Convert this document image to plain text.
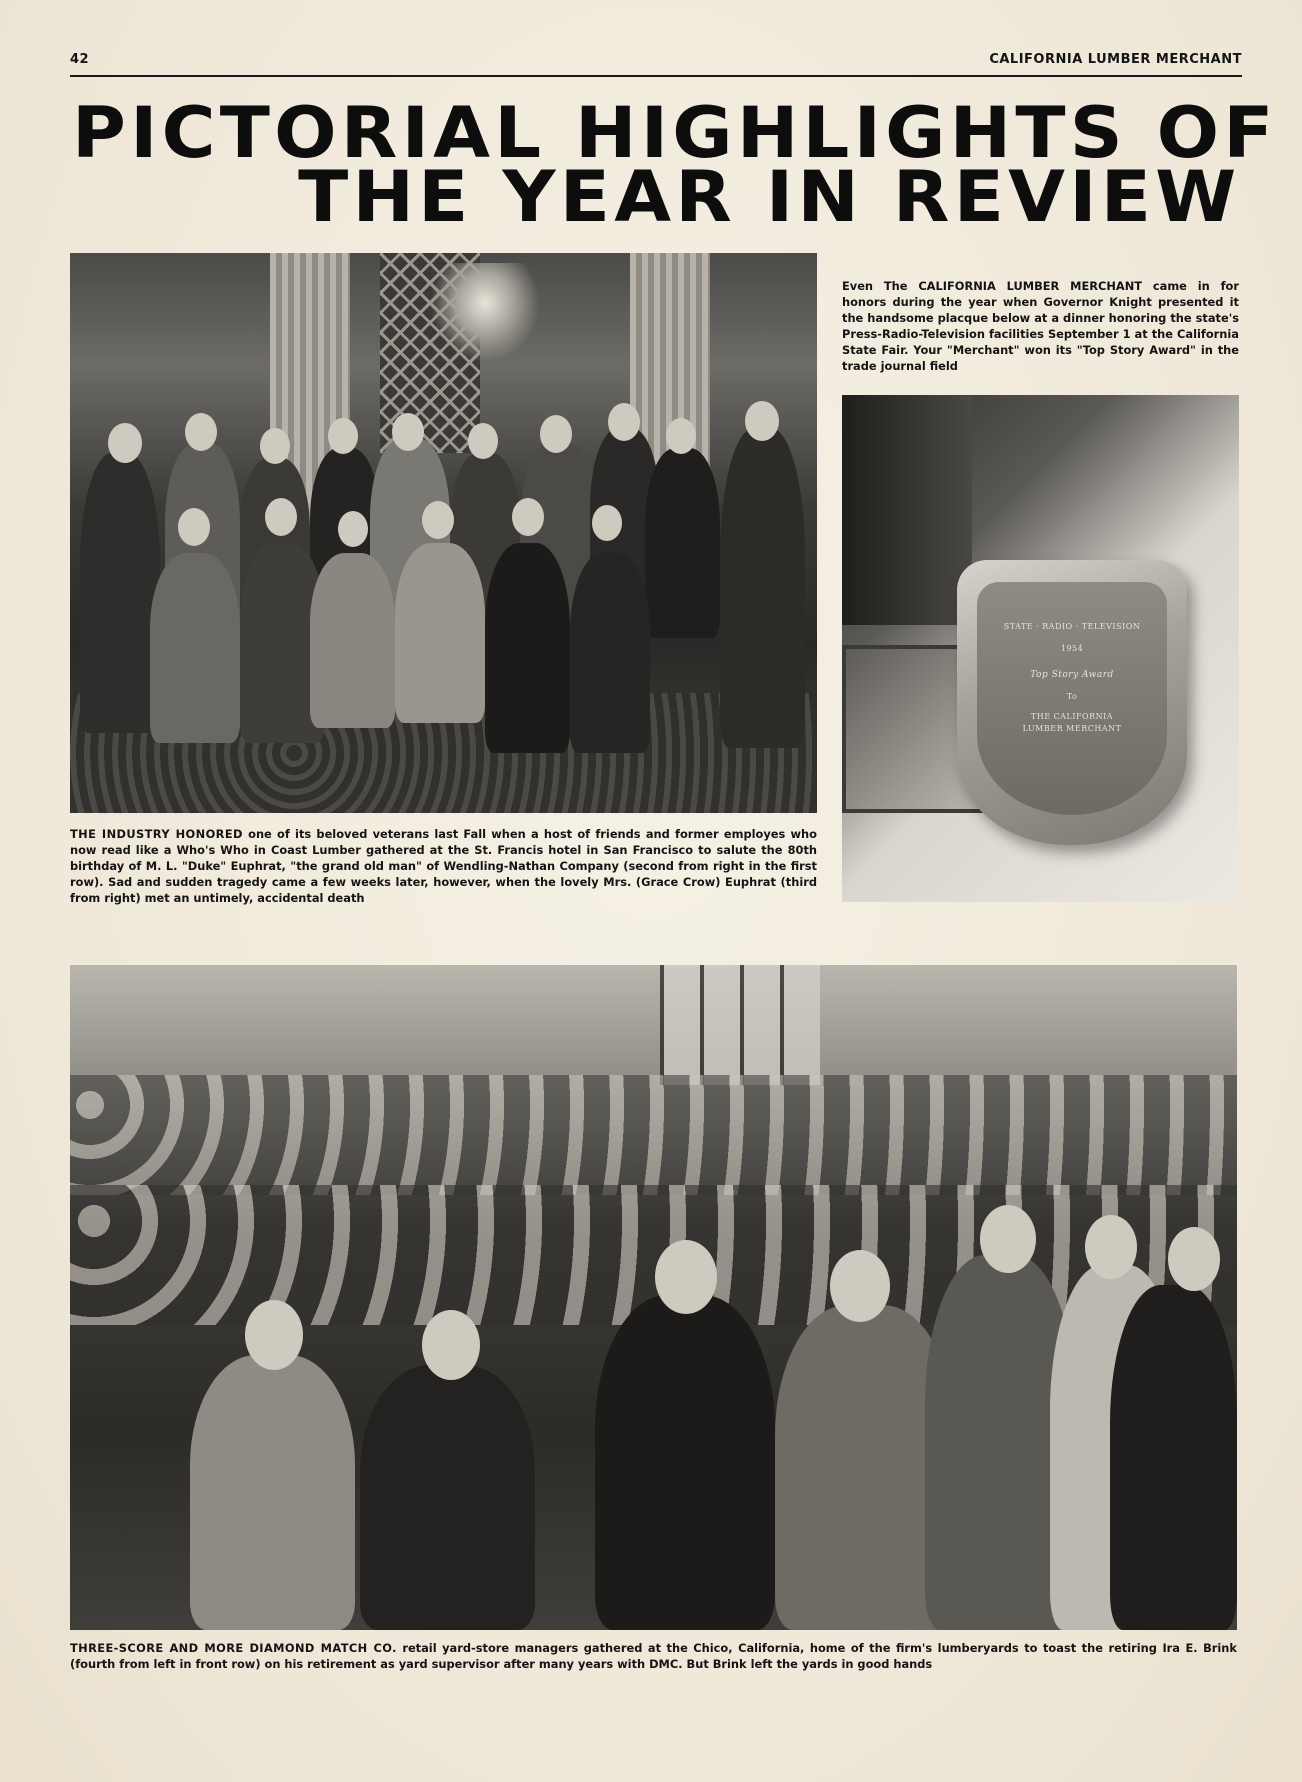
42	CALIFORNIA LUMBER MERCHANT
PICTORIAL HIGHLIGHTS OF
THE YEAR IN REVIEW
STATE · RADIO · TELEVISION
1954
Top Story Award
To
THE CALIFORNIA
LUMBER MERCHANT
Even The CALIFORNIA LUMBER MERCHANT came in for honors during the year when Governor Knight presented it the handsome placque below at a dinner honoring the state's Press-Radio-Television facilities September 1 at the California State Fair. Your "Merchant" won its "Top Story Award" in the trade journal field
THE INDUSTRY HONORED one of its beloved veterans last Fall when a host of friends and former employes who now read like a Who's Who in Coast Lumber gathered at the St. Francis hotel in San Francisco to salute the 80th birthday of M. L. "Duke" Euphrat, "the grand old man" of Wendling-Nathan Company (second from right in the first row). Sad and sudden tragedy came a few weeks later, however, when the lovely Mrs. (Grace Crow) Euphrat (third from right) met an untimely, accidental death
THREE-SCORE AND MORE DIAMOND MATCH CO. retail yard-store managers gathered at the Chico, California, home of the firm's lumberyards to toast the retiring Ira E. Brink (fourth from left in front row) on his retirement as yard supervisor after many years with DMC. But Brink left the yards in good hands
